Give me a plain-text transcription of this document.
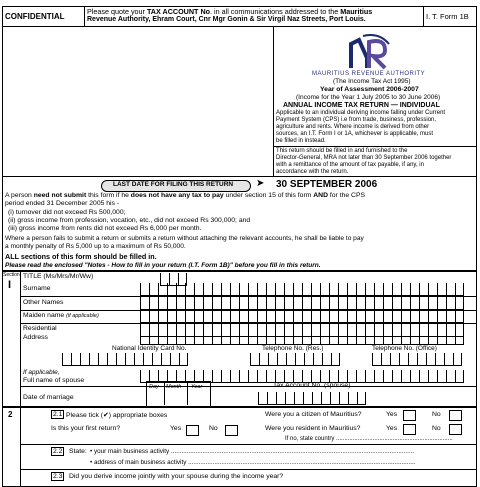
CONFIDENTIAL
Please quote your TAX ACCOUNT No. in all communications addressed to the Mauritius
Revenue Authority, Ehram Court, Cnr Mgr Gonin & Sir Virgil Naz Streets, Port Louis.	I. T. Form 1B
MAURITIUS REVENUE AUTHORITY
(The Income Tax Act 1995)
Year of Assessment 2006-2007
(Income for the Year 1 July 2005 to 30 June 2006)
ANNUAL INCOME TAX RETURN — INDIVIDUAL
Applicable to an individual deriving income falling under Current
Payment System (CPS) i.e from trade, business, profession,
agriculture and rents. Where income is derived from other
sources, an I.T. Form I or 1A, whichever is applicable, must
be filled in instead.
This return should be filled in and furnished to the
Director-General, MRA not later than 30 September 2006 together
with a remittance of the amount of tax payable, if any, in
accordance with the return.
LAST DATE FOR FILING THIS RETURN ➤ 30 SEPTEMBER 2006
A person need not submit this form if he does not have any tax to pay under section 15 of this form AND for the CPS
period ended 31 December 2005 his -
(i) turnover did not exceed Rs 500,000;
(ii) gross income from profession, vocation, etc., did not exceed Rs 300,000; and
(iii) gross income from rents did not exceed Rs 6,000 per month.
Where a person fails to submit a return or submits a return without attaching the relevant accounts, he shall be liable to pay
a monthly penalty of Rs 5,000 up to a maximum of Rs 50,000.
ALL sections of this form should be filled in.
Please read the enclosed "Notes - How to fill in your return (I.T. Form 1B)" before you fill in this return.
Section
I
TITLE (Ms/Mrs/Mr/Ww)
Surname
Other Names
Maiden name (if applicable)
Residential
Address
National Identity Card No.	Telephone No. (Res.)	Telephone No. (Office)
If applicable,
Full name of spouse
Date of marriage
Day Month Year	Tax Account No. (spouse)
2	2.1 Please tick (✔) appropriate boxes
Is this your first return?	Yes	No
Were you a citizen of Mauritius?	Yes	No
Were you resident in Mauritius?	Yes	No
If no, state country ......................................................................
2.2 State: • your main business activity ...........................................................................................................................................
• address of main business activity ..................................................................................................................................
2.3 Did you derive income jointly with your spouse during the income year?
